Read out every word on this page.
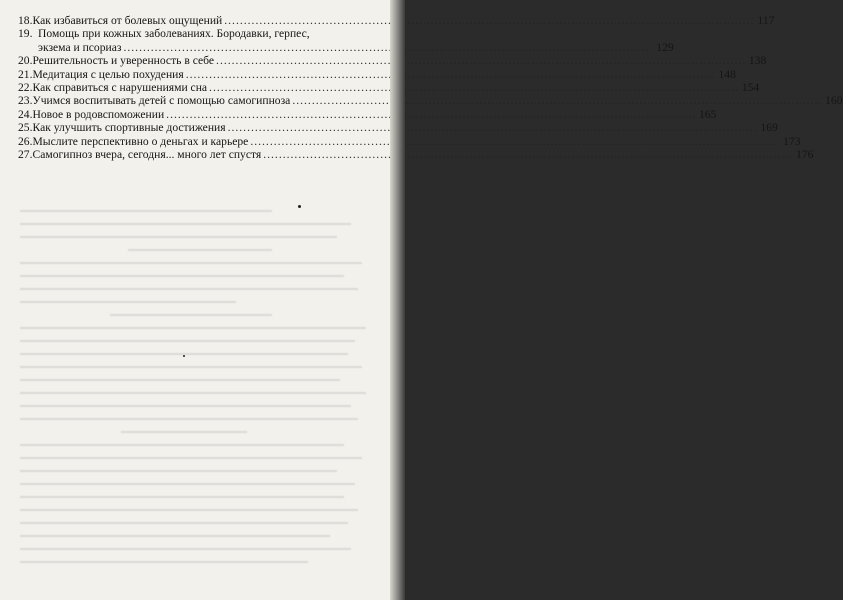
18. Как избавиться от болевых ощущений .....	117
19. Помощь при кожных заболеваниях. Бородавки, герпес,
экзема и псориаз .....	129
20. Решительность и уверенность в себе .....	138
21. Медитация с целью похудения .....	148
22. Как справиться с нарушениями сна .....	154
23. Учимся воспитывать детей с помощью самогипноза .....	160
24. Новое в родовспоможении .....	165
25. Как улучшить спортивные достижения .....	169
26. Мыслите перспективно о деньгах и карьере .....	173
27. Самогипноз вчера, сегодня... много лет спустя .....	176
